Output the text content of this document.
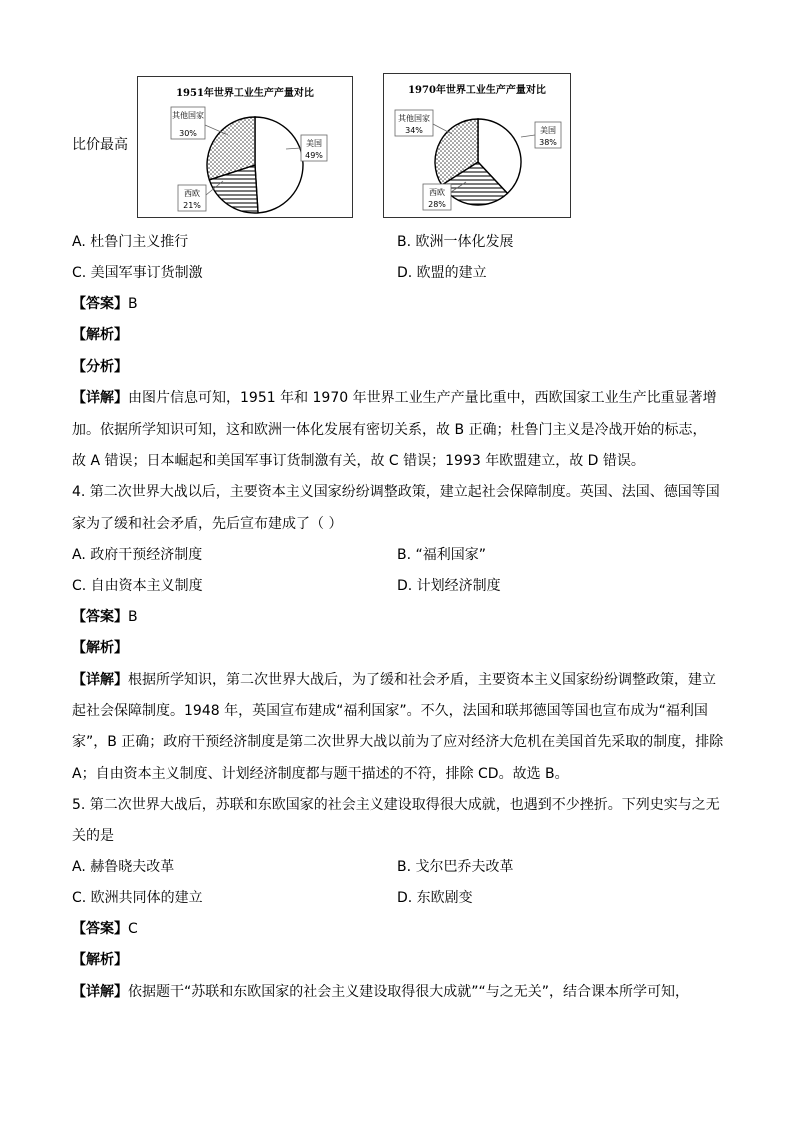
比价最高
1951年世界工业生产产量对比
其他国家
30%
美国
49%
西欧
21%
1970年世界工业生产产量对比
其他国家
34%	美国
38%
西欧
28%
A. 杜鲁门主义推行	B. 欧洲一体化发展
C. 美国军事订货制激	D. 欧盟的建立
【答案】B
【解析】
【分析】
【详解】由图片信息可知，1951 年和 1970 年世界工业生产产量比重中，西欧国家工业生产比重显著增
加。依据所学知识可知，这和欧洲一体化发展有密切关系，故 B 正确；杜鲁门主义是冷战开始的标志，
故 A 错误；日本崛起和美国军事订货制激有关，故 C 错误；1993 年欧盟建立，故 D 错误。
4. 第二次世界大战以后，主要资本主义国家纷纷调整政策，建立起社会保障制度。英国、法国、德国等国
家为了缓和社会矛盾，先后宣布建成了（ ）
A. 政府干预经济制度	B. “福利国家”
C. 自由资本主义制度	D. 计划经济制度
【答案】B
【解析】
【详解】根据所学知识，第二次世界大战后，为了缓和社会矛盾，主要资本主义国家纷纷调整政策，建立
起社会保障制度。1948 年，英国宣布建成“福利国家”。不久，法国和联邦德国等国也宣布成为“福利国
家”，B 正确；政府干预经济制度是第二次世界大战以前为了应对经济大危机在美国首先采取的制度，排除
A；自由资本主义制度、计划经济制度都与题干描述的不符，排除 CD。故选 B。
5. 第二次世界大战后，苏联和东欧国家的社会主义建设取得很大成就，也遇到不少挫折。下列史实与之无
关的是
A. 赫鲁晓夫改革	B. 戈尔巴乔夫改革
C. 欧洲共同体的建立	D. 东欧剧变
【答案】C
【解析】
【详解】依据题干“苏联和东欧国家的社会主义建设取得很大成就”“与之无关”，结合课本所学可知，
